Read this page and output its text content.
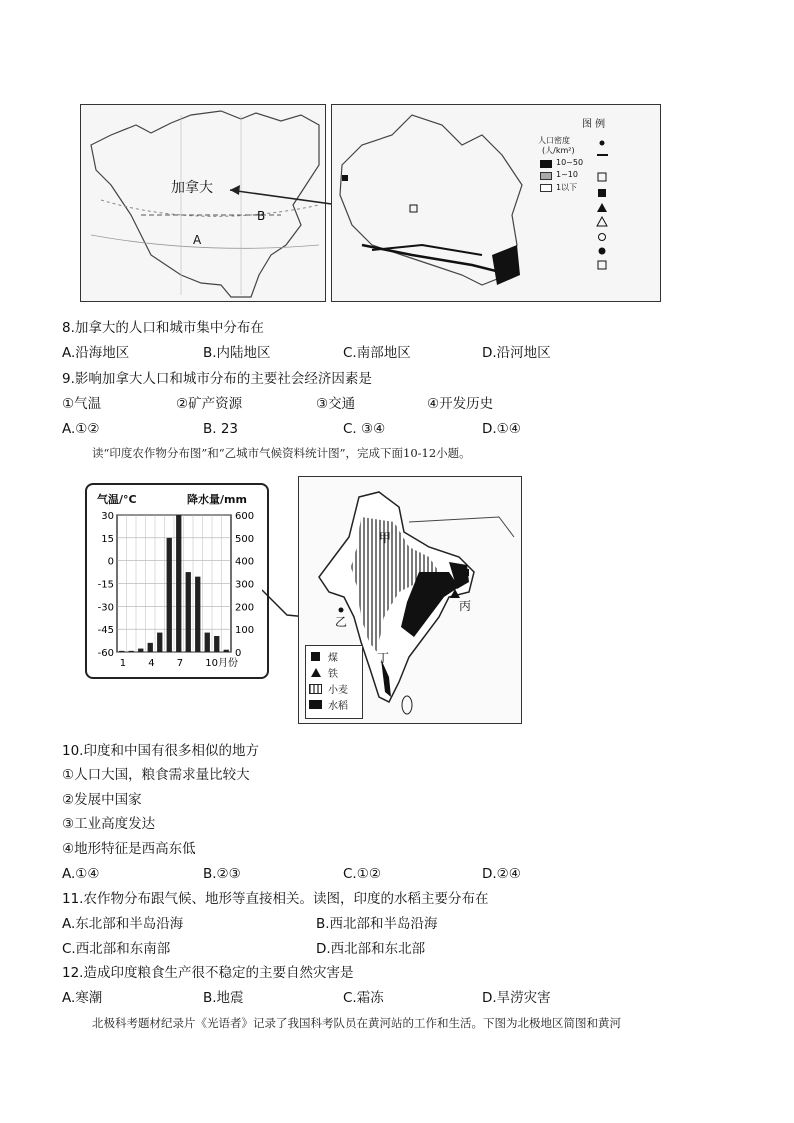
加拿大
A
B
图 例
人口密度
(人/km²)
10~50
1~10
1以下
8.加拿大的人口和城市集中分布在
A.沿海地区	B.内陆地区	C.南部地区	D.沿河地区
9.影响加拿大人口和城市分布的主要社会经济因素是
①气温	②矿产资源	③交通	④开发历史
A.①②	B. 23	C. ③④	D.①④
读“印度农作物分布图”和“乙城市气候资料统计图”，完成下面10-12小题。
气温/°C	降水量/mm
30
15
0
-15
-30
-45
-60
600
500
400
300
200
100
0
1 4 7 10月份
甲
乙
丙
丁
煤
铁
小麦
水稻
10.印度和中国有很多相似的地方
①人口大国，粮食需求量比较大
②发展中国家
③工业高度发达
④地形特征是西高东低
A.①④	B.②③	C.①②	D.②④
11.农作物分布跟气候、地形等直接相关。读图，印度的水稻主要分布在
A.东北部和半岛沿海	B.西北部和半岛沿海
C.西北部和东南部	D.西北部和东北部
12.造成印度粮食生产很不稳定的主要自然灾害是
A.寒潮	B.地震	C.霜冻	D.旱涝灾害
北极科考题材纪录片《光语者》记录了我国科考队员在黄河站的工作和生活。下图为北极地区简图和黄河
